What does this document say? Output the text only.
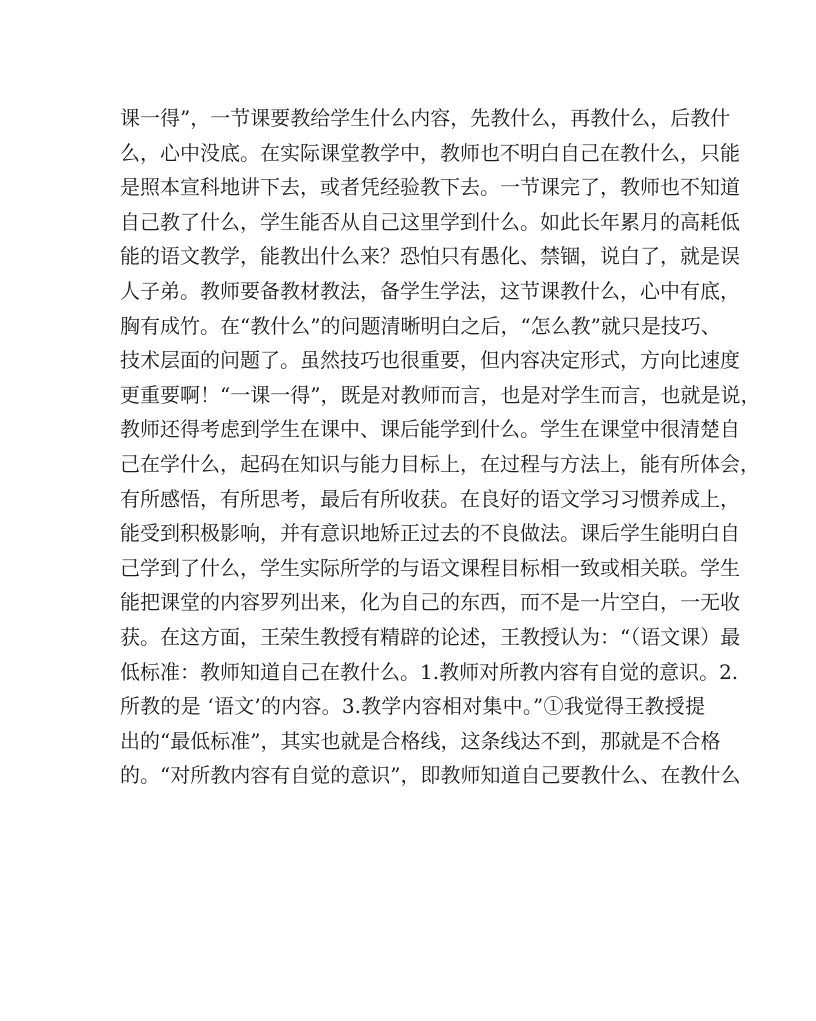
课一得”，一节课要教给学生什么内容，先教什么，再教什么，后教什
么，心中没底。在实际课堂教学中，教师也不明白自己在教什么，只能
是照本宣科地讲下去，或者凭经验教下去。一节课完了，教师也不知道
自己教了什么，学生能否从自己这里学到什么。如此长年累月的高耗低
能的语文教学，能教出什么来？恐怕只有愚化、禁锢，说白了，就是误
人子弟。教师要备教材教法，备学生学法，这节课教什么，心中有底，
胸有成竹。在“教什么”的问题清晰明白之后，“怎么教”就只是技巧、
技术层面的问题了。虽然技巧也很重要，但内容决定形式，方向比速度
更重要啊！“一课一得”，既是对教师而言，也是对学生而言，也就是说，
教师还得考虑到学生在课中、课后能学到什么。学生在课堂中很清楚自
己在学什么，起码在知识与能力目标上，在过程与方法上，能有所体会，
有所感悟，有所思考，最后有所收获。在良好的语文学习习惯养成上，
能受到积极影响，并有意识地矫正过去的不良做法。课后学生能明白自
己学到了什么，学生实际所学的与语文课程目标相一致或相关联。学生
能把课堂的内容罗列出来，化为自己的东西，而不是一片空白，一无收
获。在这方面，王荣生教授有精辟的论述，王教授认为：“（语文课）最
低标准：教师知道自己在教什么。1.教师对所教内容有自觉的意识。2.
所教的是 ‘语文’的内容。3.教学内容相对集中。”①我觉得王教授提
出的“最低标准”，其实也就是合格线，这条线达不到，那就是不合格
的。“对所教内容有自觉的意识”，即教师知道自己要教什么、在教什么
